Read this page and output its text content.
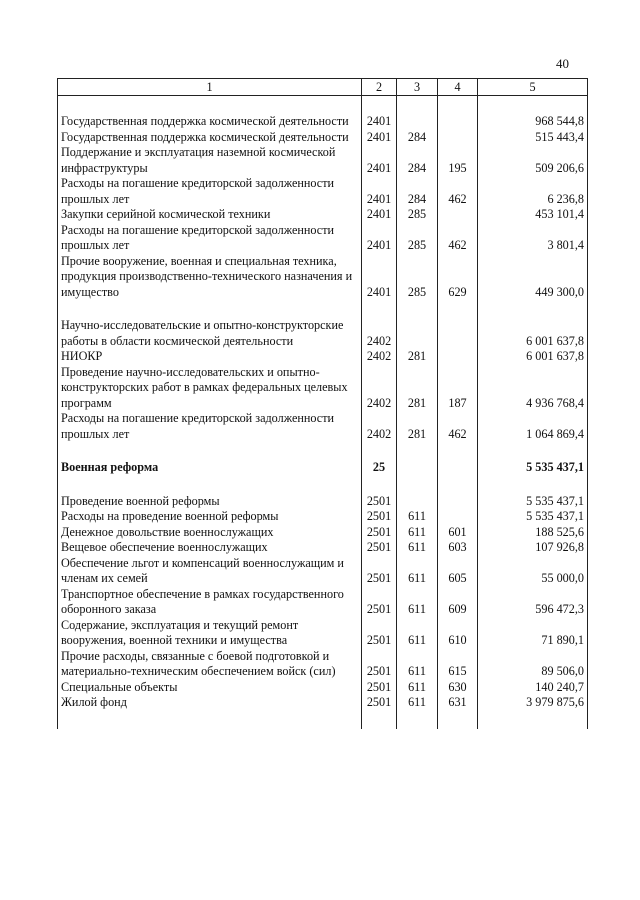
40
1	2	3	4	5

Государственная поддержка космической деятельности	2401			968 544,8
Государственная поддержка космической деятельности	2401	284		515 443,4
Поддержание и эксплуатация наземной космической инфраструктуры	2401	284	195	509 206,6
Расходы на погашение кредиторской задолженности прошлых лет	2401	284	462	6 236,8
Закупки серийной космической техники	2401	285		453 101,4
Расходы на погашение кредиторской задолженности прошлых лет	2401	285	462	3 801,4
Прочие вооружение, военная и специальная техника, продукция производственно-технического назначения и имущество	2401	285	629	449 300,0

Научно-исследовательские и опытно-конструкторские работы в области космической деятельности	2402			6 001 637,8
НИОКР	2402	281		6 001 637,8
Проведение научно-исследовательских и опытно-конструкторских работ в рамках федеральных целевых программ	2402	281	187	4 936 768,4
Расходы на погашение кредиторской задолженности прошлых лет	2402	281	462	1 064 869,4

Военная реформа	25			5 535 437,1

Проведение военной реформы	2501			5 535 437,1
Расходы на проведение военной реформы	2501	611		5 535 437,1
Денежное довольствие военнослужащих	2501	611	601	188 525,6
Вещевое обеспечение военнослужащих	2501	611	603	107 926,8
Обеспечение льгот и компенсаций военнослужащим и членам их семей	2501	611	605	55 000,0
Транспортное обеспечение в рамках государственного оборонного заказа	2501	611	609	596 472,3
Содержание, эксплуатация и текущий ремонт вооружения, военной техники и имущества	2501	611	610	71 890,1
Прочие расходы, связанные с боевой подготовкой и материально-техническим обеспечением войск (сил)	2501	611	615	89 506,0
Специальные объекты	2501	611	630	140 240,7
Жилой фонд	2501	611	631	3 979 875,6
